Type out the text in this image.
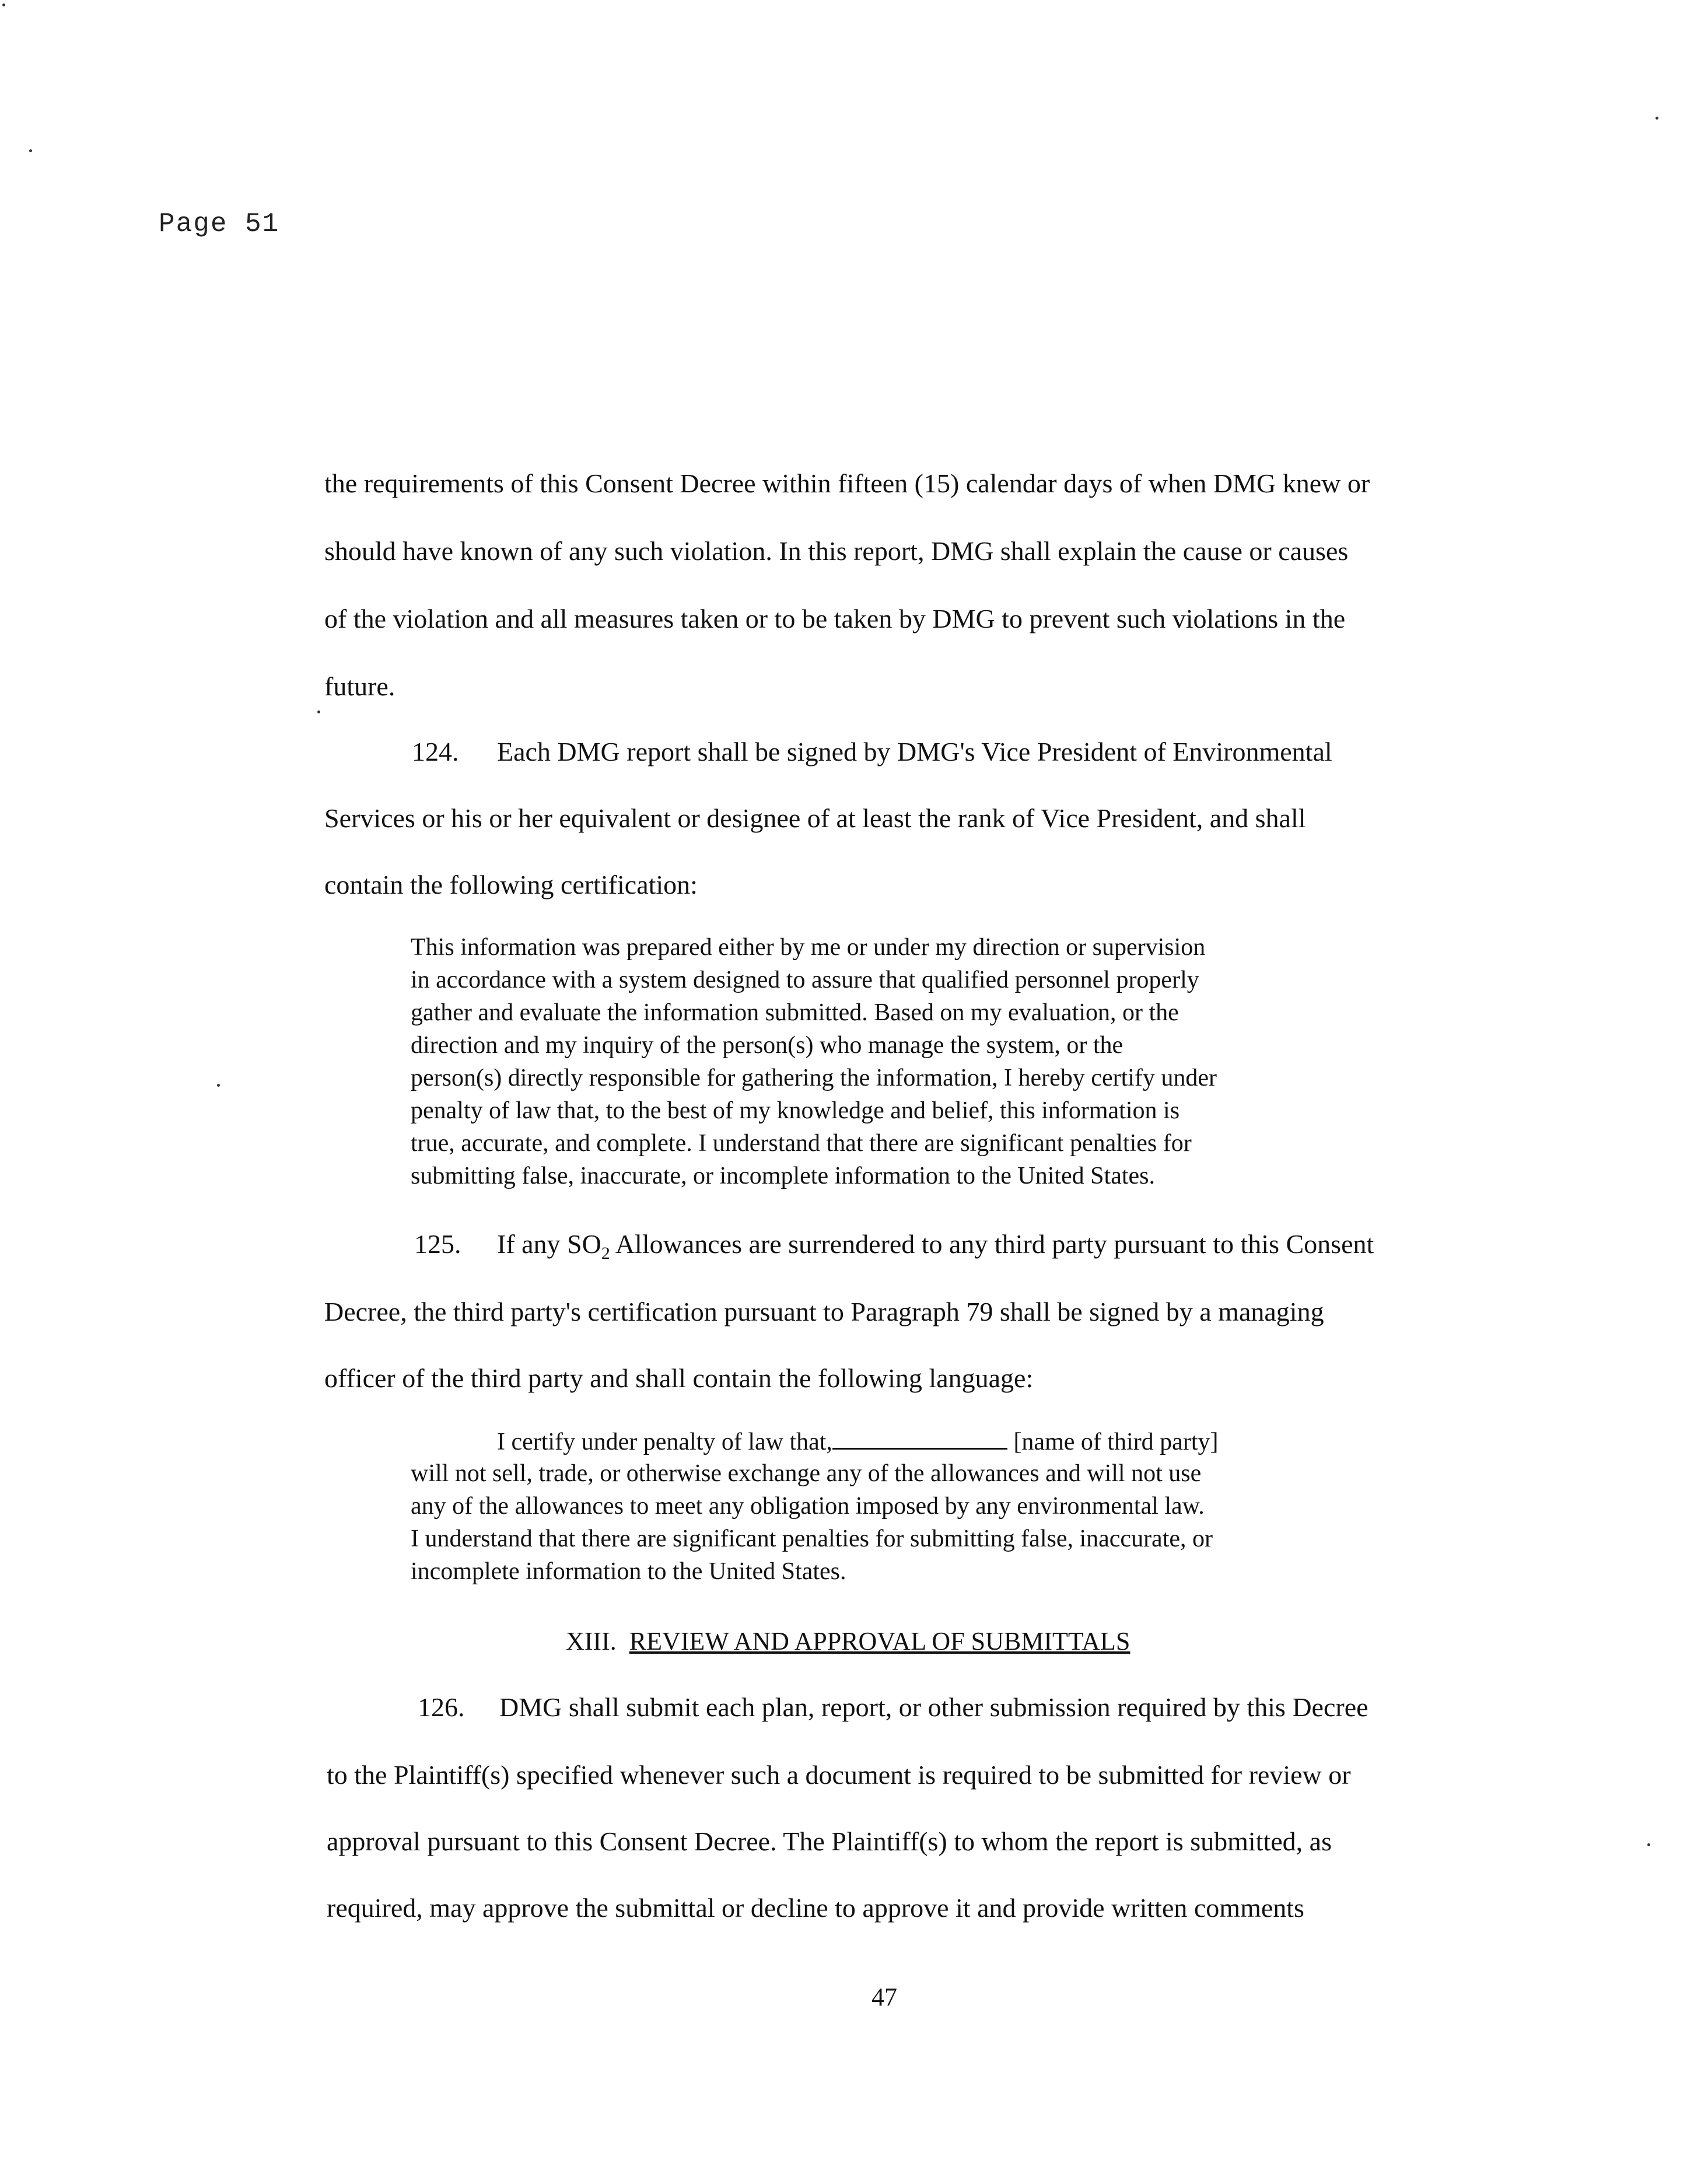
Page 51
the requirements of this Consent Decree within fifteen (15) calendar days of when DMG knew or
should have known of any such violation. In this report, DMG shall explain the cause or causes
of the violation and all measures taken or to be taken by DMG to prevent such violations in the
future.
124. Each DMG report shall be signed by DMG's Vice President of Environmental
Services or his or her equivalent or designee of at least the rank of Vice President, and shall
contain the following certification:
This information was prepared either by me or under my direction or supervision
in accordance with a system designed to assure that qualified personnel properly
gather and evaluate the information submitted. Based on my evaluation, or the
direction and my inquiry of the person(s) who manage the system, or the
person(s) directly responsible for gathering the information, I hereby certify under
penalty of law that, to the best of my knowledge and belief, this information is
true, accurate, and complete. I understand that there are significant penalties for
submitting false, inaccurate, or incomplete information to the United States.
125. If any $SO_2$ Allowances are surrendered to any third party pursuant to this Consent
Decree, the third party's certification pursuant to Paragraph 79 shall be signed by a managing
officer of the third party and shall contain the following language:
I certify under penalty of law that,	[name of third party]
will not sell, trade, or otherwise exchange any of the allowances and will not use
any of the allowances to meet any obligation imposed by any environmental law.
I understand that there are significant penalties for submitting false, inaccurate, or
incomplete information to the United States.
XIII. REVIEW AND APPROVAL OF SUBMITTALS
126. DMG shall submit each plan, report, or other submission required by this Decree
to the Plaintiff(s) specified whenever such a document is required to be submitted for review or
approval pursuant to this Consent Decree. The Plaintiff(s) to whom the report is submitted, as
required, may approve the submittal or decline to approve it and provide written comments
47
